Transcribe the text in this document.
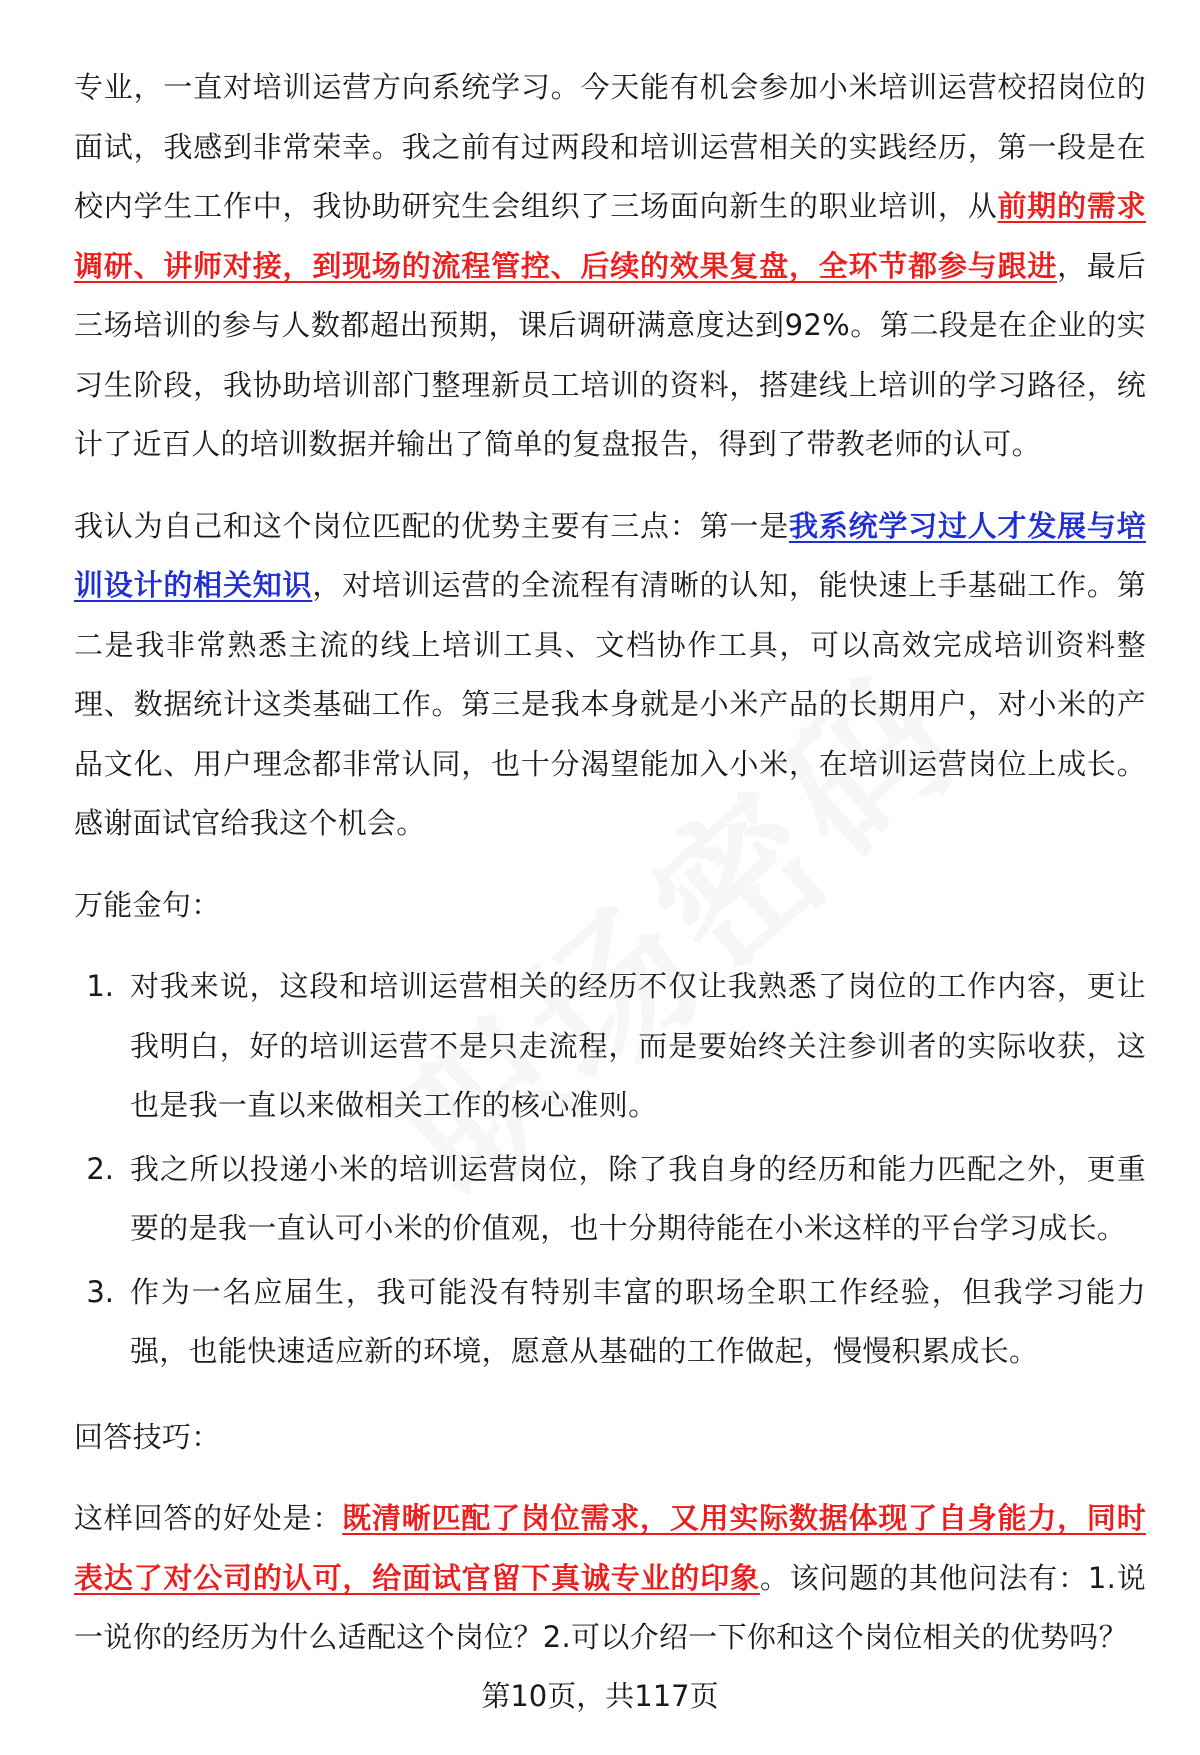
专业，一直对培训运营方向系统学习。今天能有机会参加小米培训运营校招岗位的面试，我感到非常荣幸。我之前有过两段和培训运营相关的实践经历，第一段是在校内学生工作中，我协助研究生会组织了三场面向新生的职业培训，从前期的需求调研、讲师对接，到现场的流程管控、后续的效果复盘，全环节都参与跟进，最后三场培训的参与人数都超出预期，课后调研满意度达到92%。第二段是在企业的实习生阶段，我协助培训部门整理新员工培训的资料，搭建线上培训的学习路径，统计了近百人的培训数据并输出了简单的复盘报告，得到了带教老师的认可。

我认为自己和这个岗位匹配的优势主要有三点：第一是我系统学习过人才发展与培训设计的相关知识，对培训运营的全流程有清晰的认知，能快速上手基础工作。第二是我非常熟悉主流的线上培训工具、文档协作工具，可以高效完成培训资料整理、数据统计这类基础工作。第三是我本身就是小米产品的长期用户，对小米的产品文化、用户理念都非常认同，也十分渴望能加入小米，在培训运营岗位上成长。感谢面试官给我这个机会。

万能金句：

1. 对我来说，这段和培训运营相关的经历不仅让我熟悉了岗位的工作内容，更让我明白，好的培训运营不是只走流程，而是要始终关注参训者的实际收获，这也是我一直以来做相关工作的核心准则。
2. 我之所以投递小米的培训运营岗位，除了我自身的经历和能力匹配之外，更重要的是我一直认可小米的价值观，也十分期待能在小米这样的平台学习成长。
3. 作为一名应届生，我可能没有特别丰富的职场全职工作经验，但我学习能力强，也能快速适应新的环境，愿意从基础的工作做起，慢慢积累成长。

回答技巧：

这样回答的好处是：既清晰匹配了岗位需求，又用实际数据体现了自身能力，同时表达了对公司的认可，给面试官留下真诚专业的印象。该问题的其他问法有：1.说一说你的经历为什么适配这个岗位？2.可以介绍一下你和这个岗位相关的优势吗？

第10页，共117页
